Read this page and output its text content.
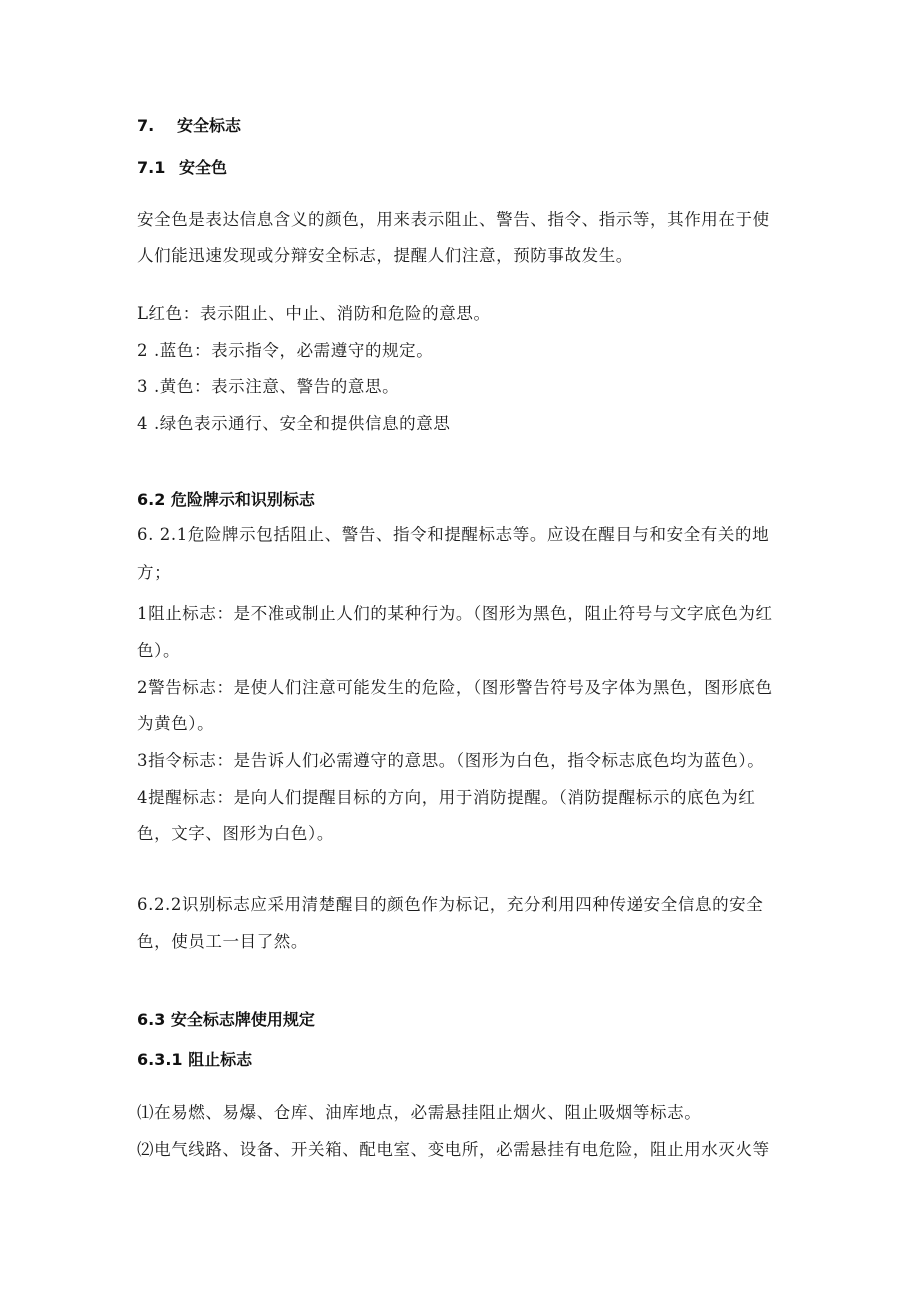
7. 安全标志
7.1 安全色
安全色是表达信息含义的颜色，用来表示阻止、警告、指令、指示等，其作用在于使
人们能迅速发现或分辩安全标志，提醒人们注意，预防事故发生。
L红色：表示阻止、中止、消防和危险的意思。
2 .蓝色：表示指令，必需遵守的规定。
3 .黄色：表示注意、警告的意思。
4 .绿色表示通行、安全和提供信息的意思
6.2 危险牌示和识别标志
6. 2.1危险牌示包括阻止、警告、指令和提醒标志等。应设在醒目与和安全有关的地
方；
1阻止标志：是不准或制止人们的某种行为。（图形为黑色，阻止符号与文字底色为红
色）。
2警告标志：是使人们注意可能发生的危险，（图形警告符号及字体为黑色，图形底色
为黄色）。
3指令标志：是告诉人们必需遵守的意思。（图形为白色，指令标志底色均为蓝色）。
4提醒标志：是向人们提醒目标的方向，用于消防提醒。（消防提醒标示的底色为红
色，文字、图形为白色）。
6.2.2识别标志应采用清楚醒目的颜色作为标记，充分利用四种传递安全信息的安全
色，使员工一目了然。
6.3 安全标志牌使用规定
6.3.1 阻止标志
⑴在易燃、易爆、仓库、油库地点，必需悬挂阻止烟火、阻止吸烟等标志。
⑵电气线路、设备、开关箱、配电室、变电所，必需悬挂有电危险，阻止用水灭火等
